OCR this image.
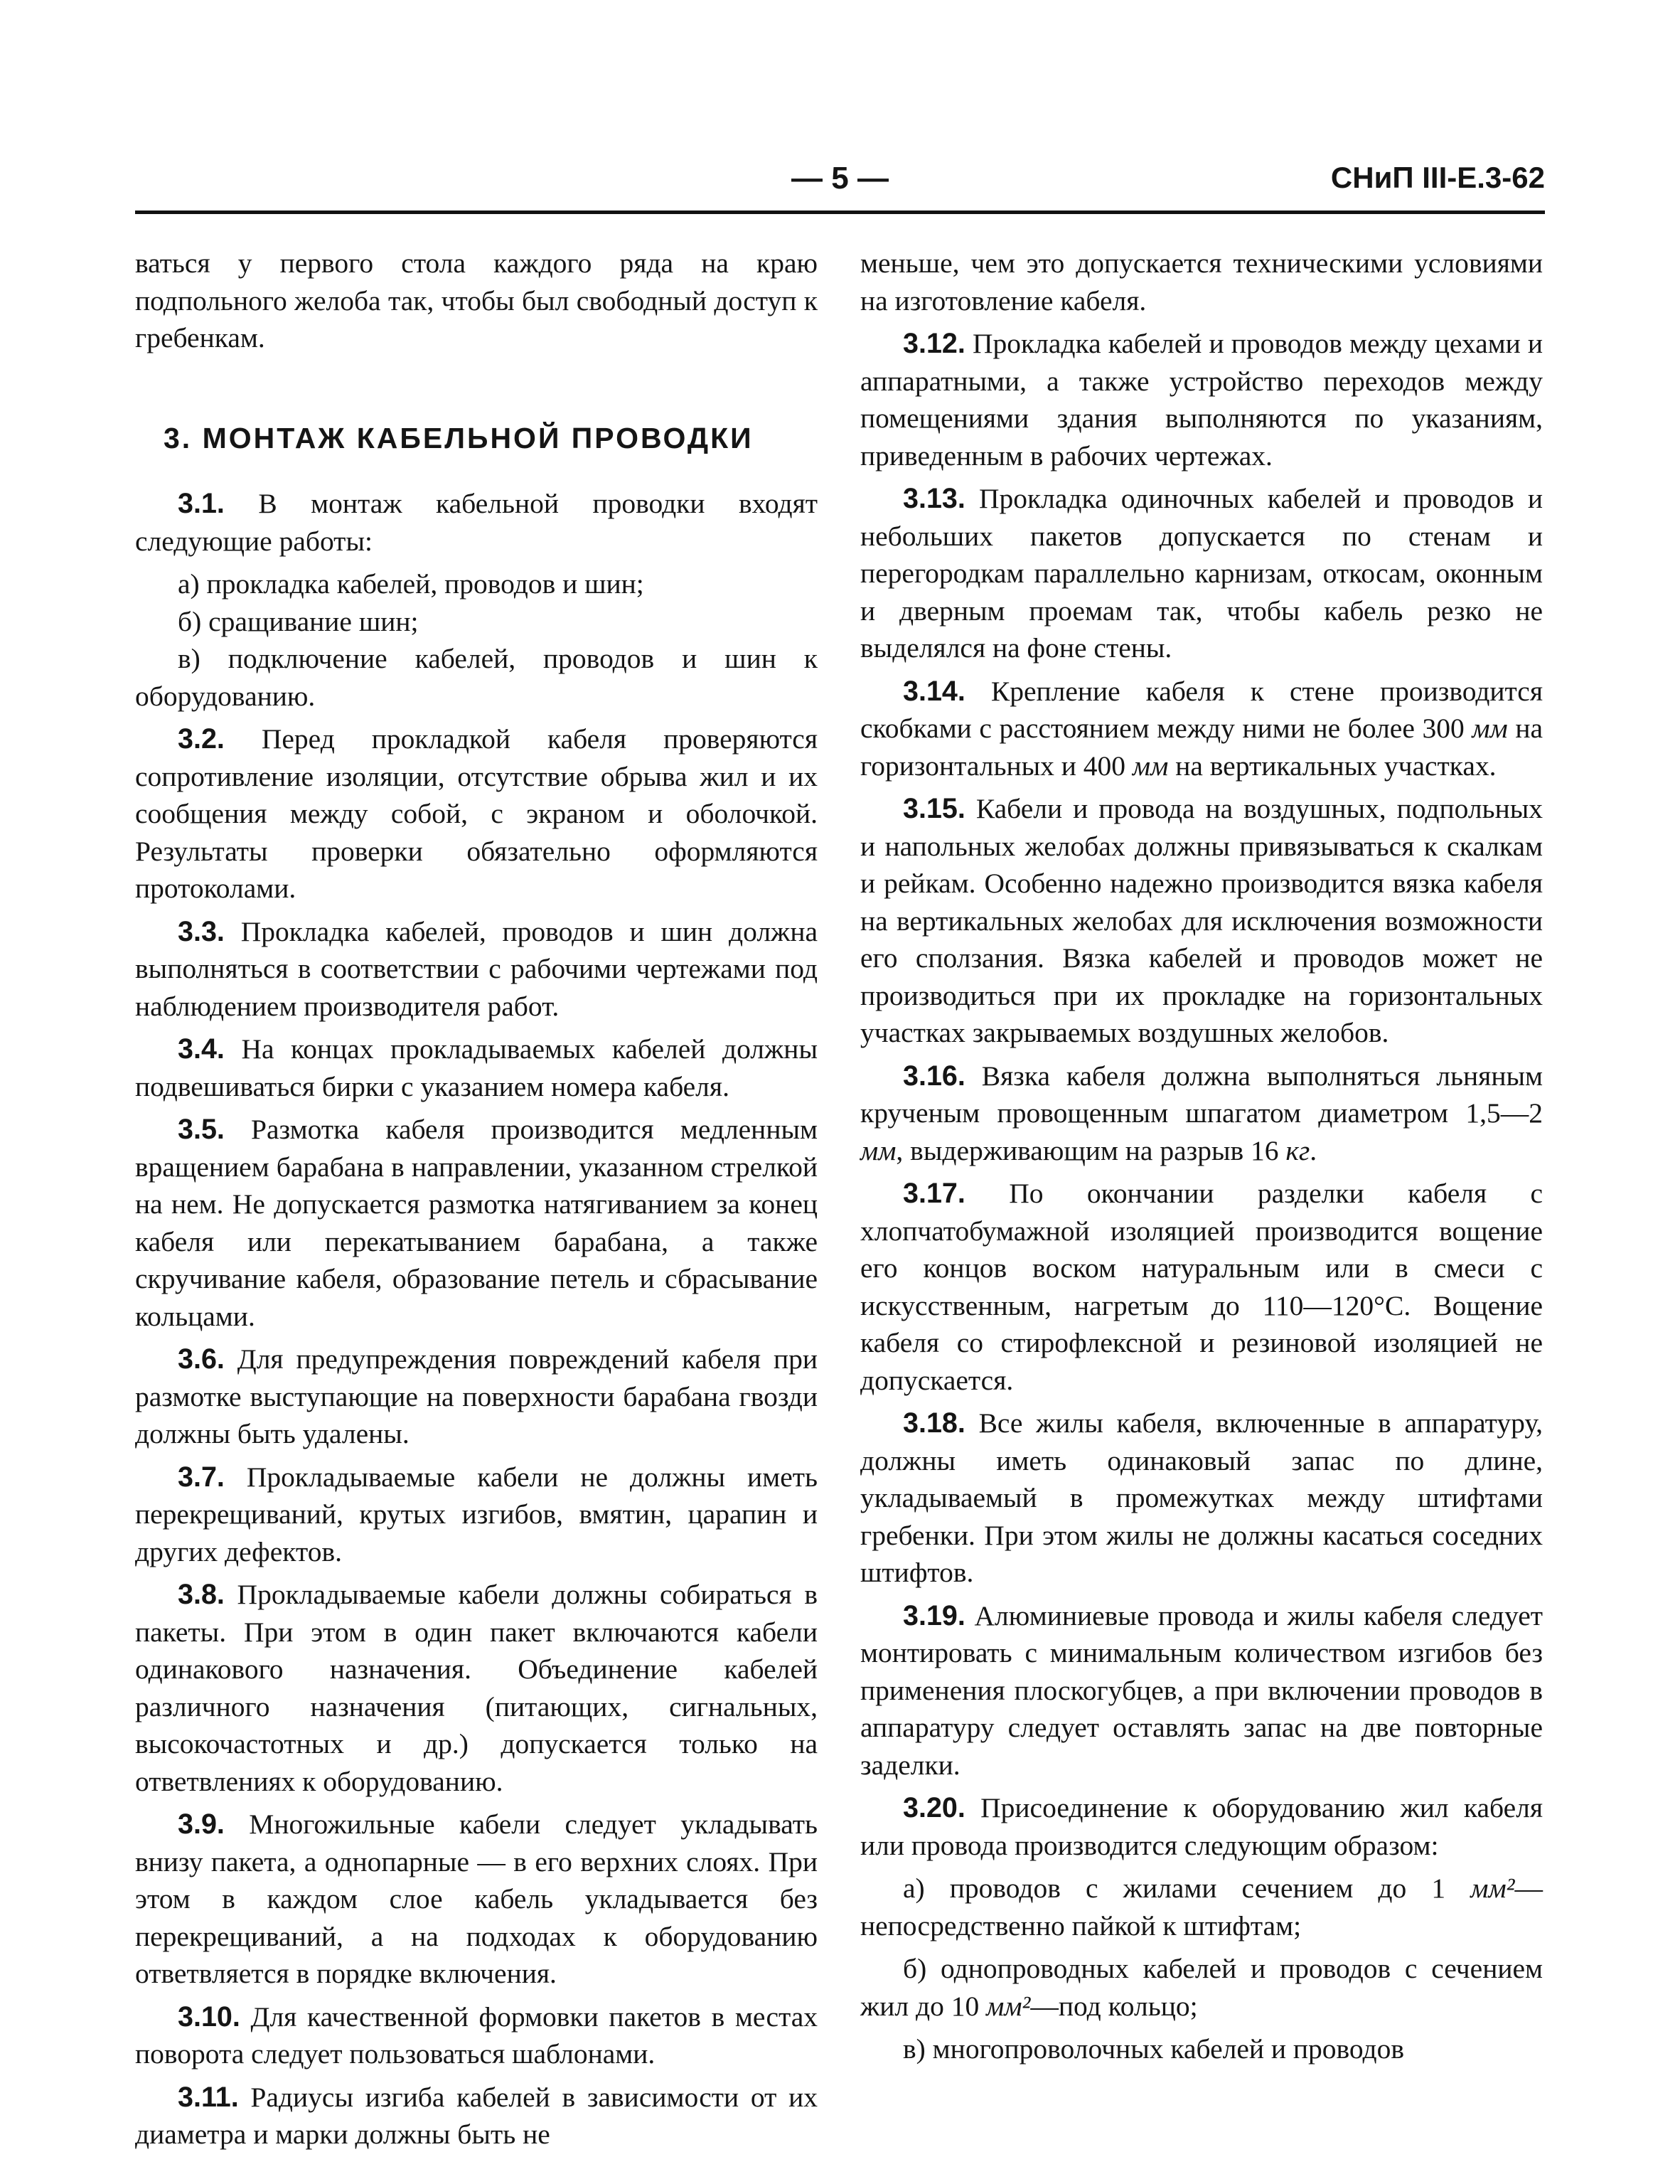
— 5 —	СНиП III-Е.3-62

ваться у первого стола каждого ряда на краю подпольного желоба так, чтобы был свободный доступ к гребенкам.

3. МОНТАЖ КАБЕЛЬНОЙ ПРОВОДКИ

3.1. В монтаж кабельной проводки входят следующие работы:

а) прокладка кабелей, проводов и шин;

б) сращивание шин;

в) подключение кабелей, проводов и шин к оборудованию.

3.2. Перед прокладкой кабеля проверяются сопротивление изоляции, отсутствие обрыва жил и их сообщения между собой, с экраном и оболочкой. Результаты проверки обязательно оформляются протоколами.

3.3. Прокладка кабелей, проводов и шин должна выполняться в соответствии с рабочими чертежами под наблюдением производителя работ.

3.4. На концах прокладываемых кабелей должны подвешиваться бирки с указанием номера кабеля.

3.5. Размотка кабеля производится медленным вращением барабана в направлении, указанном стрелкой на нем. Не допускается размотка натягиванием за конец кабеля или перекатыванием барабана, а также скручивание кабеля, образование петель и сбрасывание кольцами.

3.6. Для предупреждения повреждений кабеля при размотке выступающие на поверхности барабана гвозди должны быть удалены.

3.7. Прокладываемые кабели не должны иметь перекрещиваний, крутых изгибов, вмятин, царапин и других дефектов.

3.8. Прокладываемые кабели должны собираться в пакеты. При этом в один пакет включаются кабели одинакового назначения. Объединение кабелей различного назначения (питающих, сигнальных, высокочастотных и др.) допускается только на ответвлениях к оборудованию.

3.9. Многожильные кабели следует укладывать внизу пакета, а однопарные — в его верхних слоях. При этом в каждом слое кабель укладывается без перекрещиваний, а на подходах к оборудованию ответвляется в порядке включения.

3.10. Для качественной формовки пакетов в местах поворота следует пользоваться шаблонами.

3.11. Радиусы изгиба кабелей в зависимости от их диаметра и марки должны быть не

меньше, чем это допускается техническими условиями на изготовление кабеля.

3.12. Прокладка кабелей и проводов между цехами и аппаратными, а также устройство переходов между помещениями здания выполняются по указаниям, приведенным в рабочих чертежах.

3.13. Прокладка одиночных кабелей и проводов и небольших пакетов допускается по стенам и перегородкам параллельно карнизам, откосам, оконным и дверным проемам так, чтобы кабель резко не выделялся на фоне стены.

3.14. Крепление кабеля к стене производится скобками с расстоянием между ними не более 300 мм на горизонтальных и 400 мм на вертикальных участках.

3.15. Кабели и провода на воздушных, подпольных и напольных желобах должны привязываться к скалкам и рейкам. Особенно надежно производится вязка кабеля на вертикальных желобах для исключения возможности его сползания. Вязка кабелей и проводов может не производиться при их прокладке на горизонтальных участках закрываемых воздушных желобов.

3.16. Вязка кабеля должна выполняться льняным крученым провощенным шпагатом диаметром 1,5—2 мм, выдерживающим на разрыв 16 кг.

3.17. По окончании разделки кабеля с хлопчатобумажной изоляцией производится вощение его концов воском натуральным или в смеси с искусственным, нагретым до 110—120°С. Вощение кабеля со стирофлексной и резиновой изоляцией не допускается.

3.18. Все жилы кабеля, включенные в аппаратуру, должны иметь одинаковый запас по длине, укладываемый в промежутках между штифтами гребенки. При этом жилы не должны касаться соседних штифтов.

3.19. Алюминиевые провода и жилы кабеля следует монтировать с минимальным количеством изгибов без применения плоскогубцев, а при включении проводов в аппаратуру следует оставлять запас на две повторные заделки.

3.20. Присоединение к оборудованию жил кабеля или провода производится следующим образом:

а) проводов с жилами сечением до 1 мм²—непосредственно пайкой к штифтам;

б) однопроводных кабелей и проводов с сечением жил до 10 мм²—под кольцо;

в) многопроволочных кабелей и проводов
